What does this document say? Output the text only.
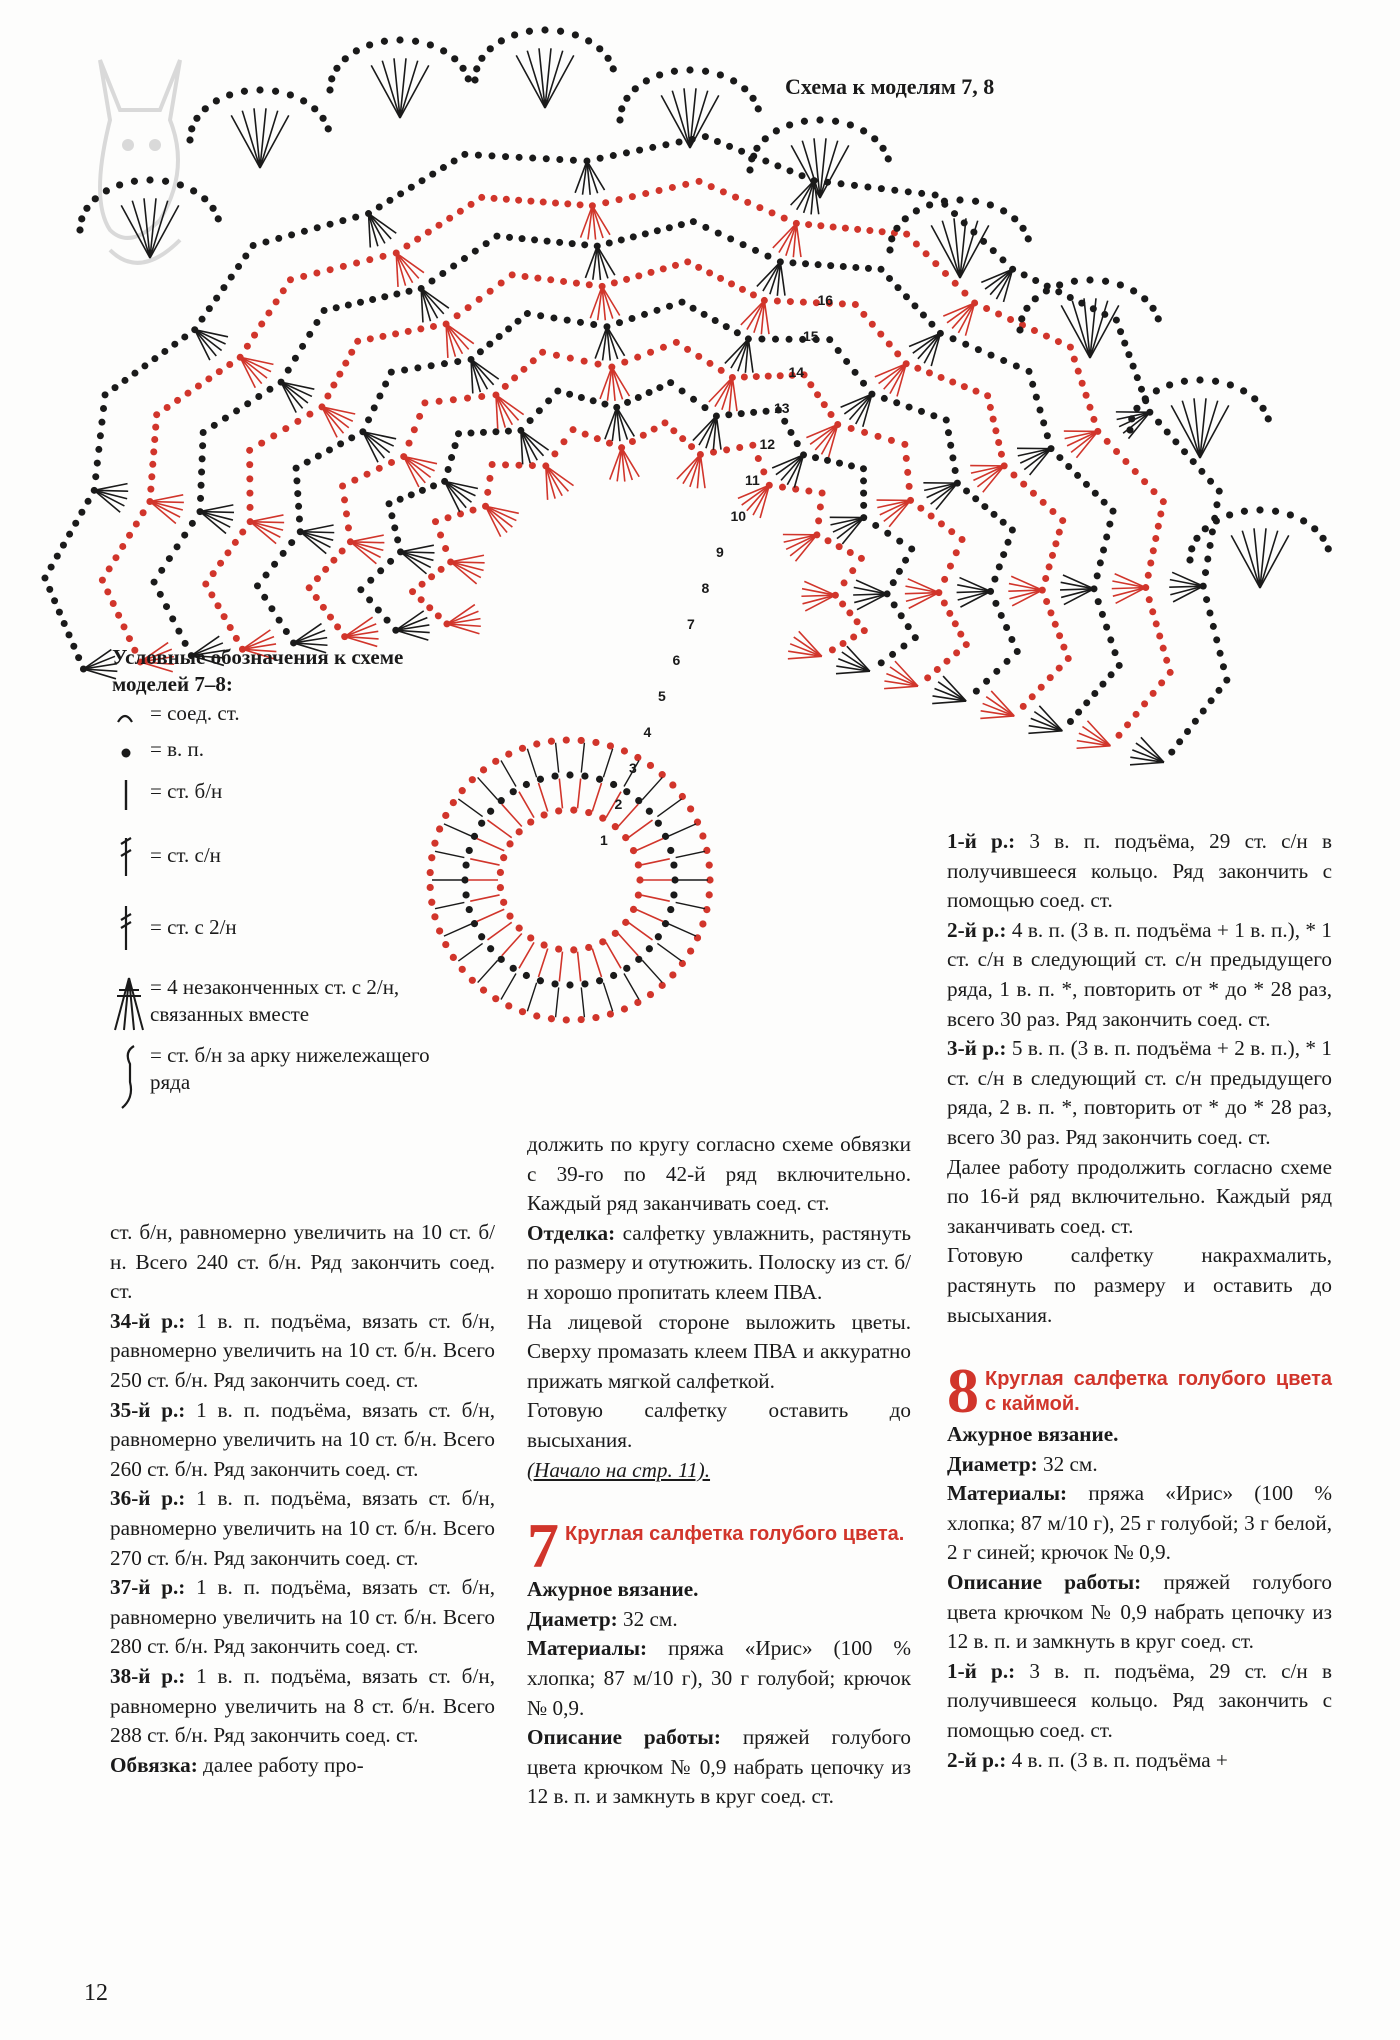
1
2
3
4
5
6
7
8
9
10
11
12
13
14
15
16
Схема к моделям 7, 8
Условные обозначения к схеме моделей 7–8:
= соед. ст.
= в. п.
= ст. б/н
= ст. с/н
= ст. с 2/н
= 4 незаконченных ст. с 2/н, связанных вместе
= ст. б/н за арку нижележащего ряда

ст. б/н, равномерно увеличить на 10 ст. б/н. Всего 240 ст. б/н. Ряд закончить соед. ст.

34-й р.: 1 в. п. подъёма, вязать ст. б/н, равномерно увеличить на 10 ст. б/н. Всего 250 ст. б/н. Ряд закончить соед. ст.

35-й р.: 1 в. п. подъёма, вязать ст. б/н, равномерно увеличить на 10 ст. б/н. Всего 260 ст. б/н. Ряд закончить соед. ст.

36-й р.: 1 в. п. подъёма, вязать ст. б/н, равномерно увеличить на 10 ст. б/н. Всего 270 ст. б/н. Ряд закончить соед. ст.

37-й р.: 1 в. п. подъёма, вязать ст. б/н, равномерно увеличить на 10 ст. б/н. Всего 280 ст. б/н. Ряд закончить соед. ст.

38-й р.: 1 в. п. подъёма, вязать ст. б/н, равномерно увеличить на 8 ст. б/н. Всего 288 ст. б/н. Ряд закончить соед. ст.

Обвязка: далее работу про-

должить по кругу согласно схеме обвязки с 39-го по 42-й ряд включительно. Каждый ряд заканчивать соед. ст.

Отделка: салфетку увлажнить, растянуть по размеру и отутюжить. Полоску из ст. б/н хорошо пропитать клеем ПВА.

На лицевой стороне выложить цветы. Сверху промазать клеем ПВА и аккуратно прижать мягкой салфеткой.

Готовую салфетку оставить до высыхания.

(Начало на стр. 11).

7 Круглая салфетка голубого цвета.

Ажурное вязание.

Диаметр: 32 см.

Материалы: пряжа «Ирис» (100 % хлопка; 87 м/10 г), 30 г голубой; крючок № 0,9.

Описание работы: пряжей голубого цвета крючком № 0,9 набрать цепочку из 12 в. п. и замкнуть в круг соед. ст.

1-й р.: 3 в. п. подъёма, 29 ст. с/н в получившееся кольцо. Ряд закончить с помощью соед. ст.

2-й р.: 4 в. п. (3 в. п. подъёма + 1 в. п.), * 1 ст. с/н в следующий ст. с/н предыдущего ряда, 1 в. п. *, повторить от * до * 28 раз, всего 30 раз. Ряд закончить соед. ст.

3-й р.: 5 в. п. (3 в. п. подъёма + 2 в. п.), * 1 ст. с/н в следующий ст. с/н предыдущего ряда, 2 в. п. *, повторить от * до * 28 раз, всего 30 раз. Ряд закончить соед. ст.

Далее работу продолжить согласно схеме по 16-й ряд включительно. Каждый ряд заканчивать соед. ст.

Готовую салфетку накрахмалить, растянуть по размеру и оставить до высыхания.

8 Круглая салфетка голубого цвета с каймой.

Ажурное вязание.

Диаметр: 32 см.

Материалы: пряжа «Ирис» (100 % хлопка; 87 м/10 г), 25 г голубой; 3 г белой, 2 г синей; крючок № 0,9.

Описание работы: пряжей голубого цвета крючком № 0,9 набрать цепочку из 12 в. п. и замкнуть в круг соед. ст.

1-й р.: 3 в. п. подъёма, 29 ст. с/н в получившееся кольцо. Ряд закончить с помощью соед. ст.

2-й р.: 4 в. п. (3 в. п. подъёма +

12
